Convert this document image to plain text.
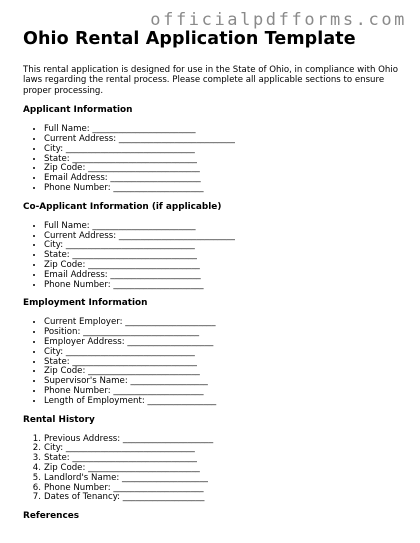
officialpdfforms.com
Ohio Rental Application Template

This rental application is designed for use in the State of Ohio, in compliance with Ohio laws regarding the rental process. Please complete all applicable sections to ensure proper processing.

Applicant Information
• Full Name: ________________________
• Current Address: ___________________________
• City: ______________________________
• State: _____________________________
• Zip Code: __________________________
• Email Address: _____________________
• Phone Number: _____________________
Co-Applicant Information (if applicable)
• Full Name: ________________________
• Current Address: ___________________________
• City: ______________________________
• State: _____________________________
• Zip Code: __________________________
• Email Address: _____________________
• Phone Number: _____________________
Employment Information
• Current Employer: _____________________
• Position: ___________________________
• Employer Address: ____________________
• City: ______________________________
• State: _____________________________
• Zip Code: __________________________
• Supervisor's Name: __________________
• Phone Number: _____________________
• Length of Employment: ________________
Rental History
1. Previous Address: _____________________
2. City: ______________________________
3. State: _____________________________
4. Zip Code: __________________________
5. Landlord's Name: ____________________
6. Phone Number: _____________________
7. Dates of Tenancy: ___________________
References
